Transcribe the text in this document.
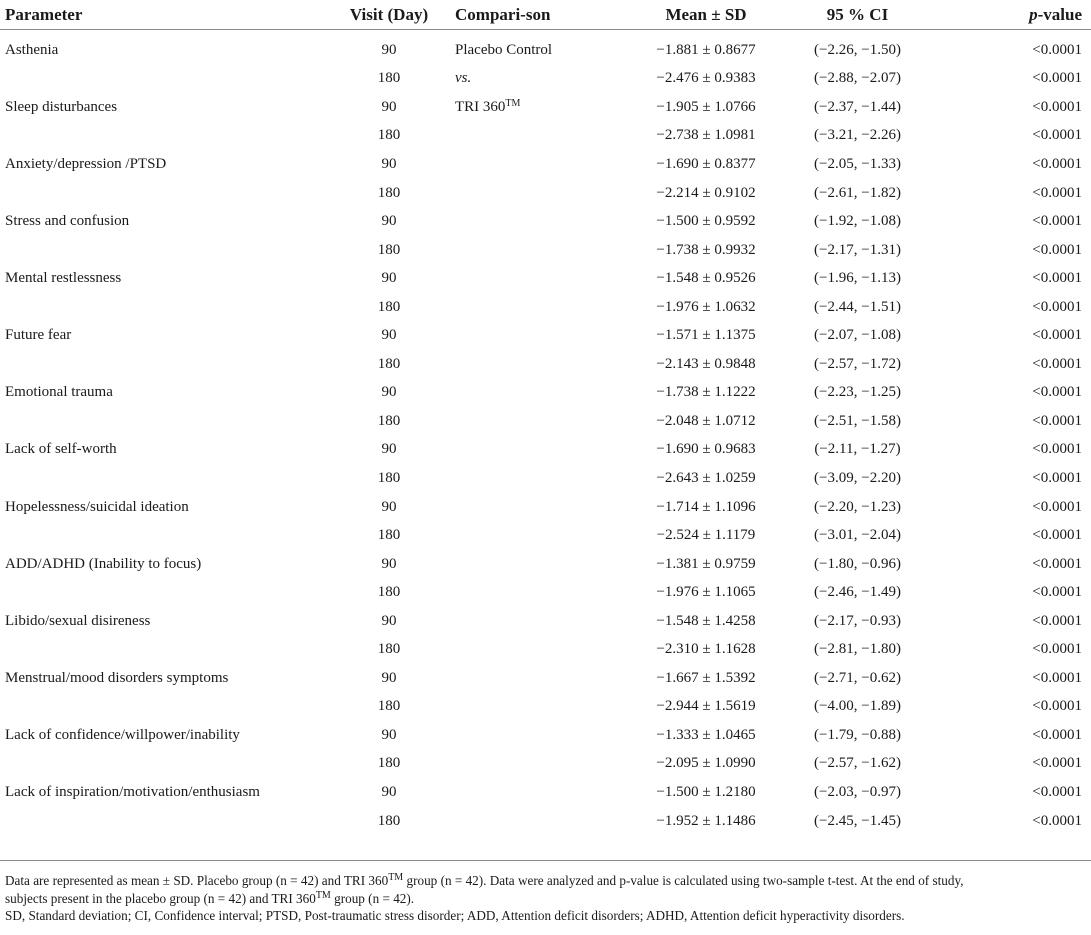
Parameter	Visit (Day)	Compari-son	Mean ± SD	95 % CI	p-value
Asthenia	90	Placebo Control	−1.881 ± 0.8677	(−2.26, −1.50)	<0.0001
	180	vs.	−2.476 ± 0.9383	(−2.88, −2.07)	<0.0001
Sleep disturbances	90	TRI 360™	−1.905 ± 1.0766	(−2.37, −1.44)	<0.0001
	180		−2.738 ± 1.0981	(−3.21, −2.26)	<0.0001
Anxiety/depression /PTSD	90		−1.690 ± 0.8377	(−2.05, −1.33)	<0.0001
	180		−2.214 ± 0.9102	(−2.61, −1.82)	<0.0001
Stress and confusion	90		−1.500 ± 0.9592	(−1.92, −1.08)	<0.0001
	180		−1.738 ± 0.9932	(−2.17, −1.31)	<0.0001
Mental restlessness	90		−1.548 ± 0.9526	(−1.96, −1.13)	<0.0001
	180		−1.976 ± 1.0632	(−2.44, −1.51)	<0.0001
Future fear	90		−1.571 ± 1.1375	(−2.07, −1.08)	<0.0001
	180		−2.143 ± 0.9848	(−2.57, −1.72)	<0.0001
Emotional trauma	90		−1.738 ± 1.1222	(−2.23, −1.25)	<0.0001
	180		−2.048 ± 1.0712	(−2.51, −1.58)	<0.0001
Lack of self-worth	90		−1.690 ± 0.9683	(−2.11, −1.27)	<0.0001
	180		−2.643 ± 1.0259	(−3.09, −2.20)	<0.0001
Hopelessness/suicidal ideation	90		−1.714 ± 1.1096	(−2.20, −1.23)	<0.0001
	180		−2.524 ± 1.1179	(−3.01, −2.04)	<0.0001
ADD/ADHD (Inability to focus)	90		−1.381 ± 0.9759	(−1.80, −0.96)	<0.0001
	180		−1.976 ± 1.1065	(−2.46, −1.49)	<0.0001
Libido/sexual disireness	90		−1.548 ± 1.4258	(−2.17, −0.93)	<0.0001
	180		−2.310 ± 1.1628	(−2.81, −1.80)	<0.0001
Menstrual/mood disorders symptoms	90		−1.667 ± 1.5392	(−2.71, −0.62)	<0.0001
	180		−2.944 ± 1.5619	(−4.00, −1.89)	<0.0001
Lack of confidence/willpower/inability	90		−1.333 ± 1.0465	(−1.79, −0.88)	<0.0001
	180		−2.095 ± 1.0990	(−2.57, −1.62)	<0.0001
Lack of inspiration/motivation/enthusiasm	90		−1.500 ± 1.2180	(−2.03, −0.97)	<0.0001
	180		−1.952 ± 1.1486	(−2.45, −1.45)	<0.0001

Data are represented as mean ± SD. Placebo group (n = 42) and TRI 360™ group (n = 42). Data were analyzed and p-value is calculated using two-sample t-test. At the end of study,
subjects present in the placebo group (n = 42) and TRI 360™ group (n = 42).

SD, Standard deviation; CI, Confidence interval; PTSD, Post-traumatic stress disorder; ADD, Attention deficit disorders; ADHD, Attention deficit hyperactivity disorders.
